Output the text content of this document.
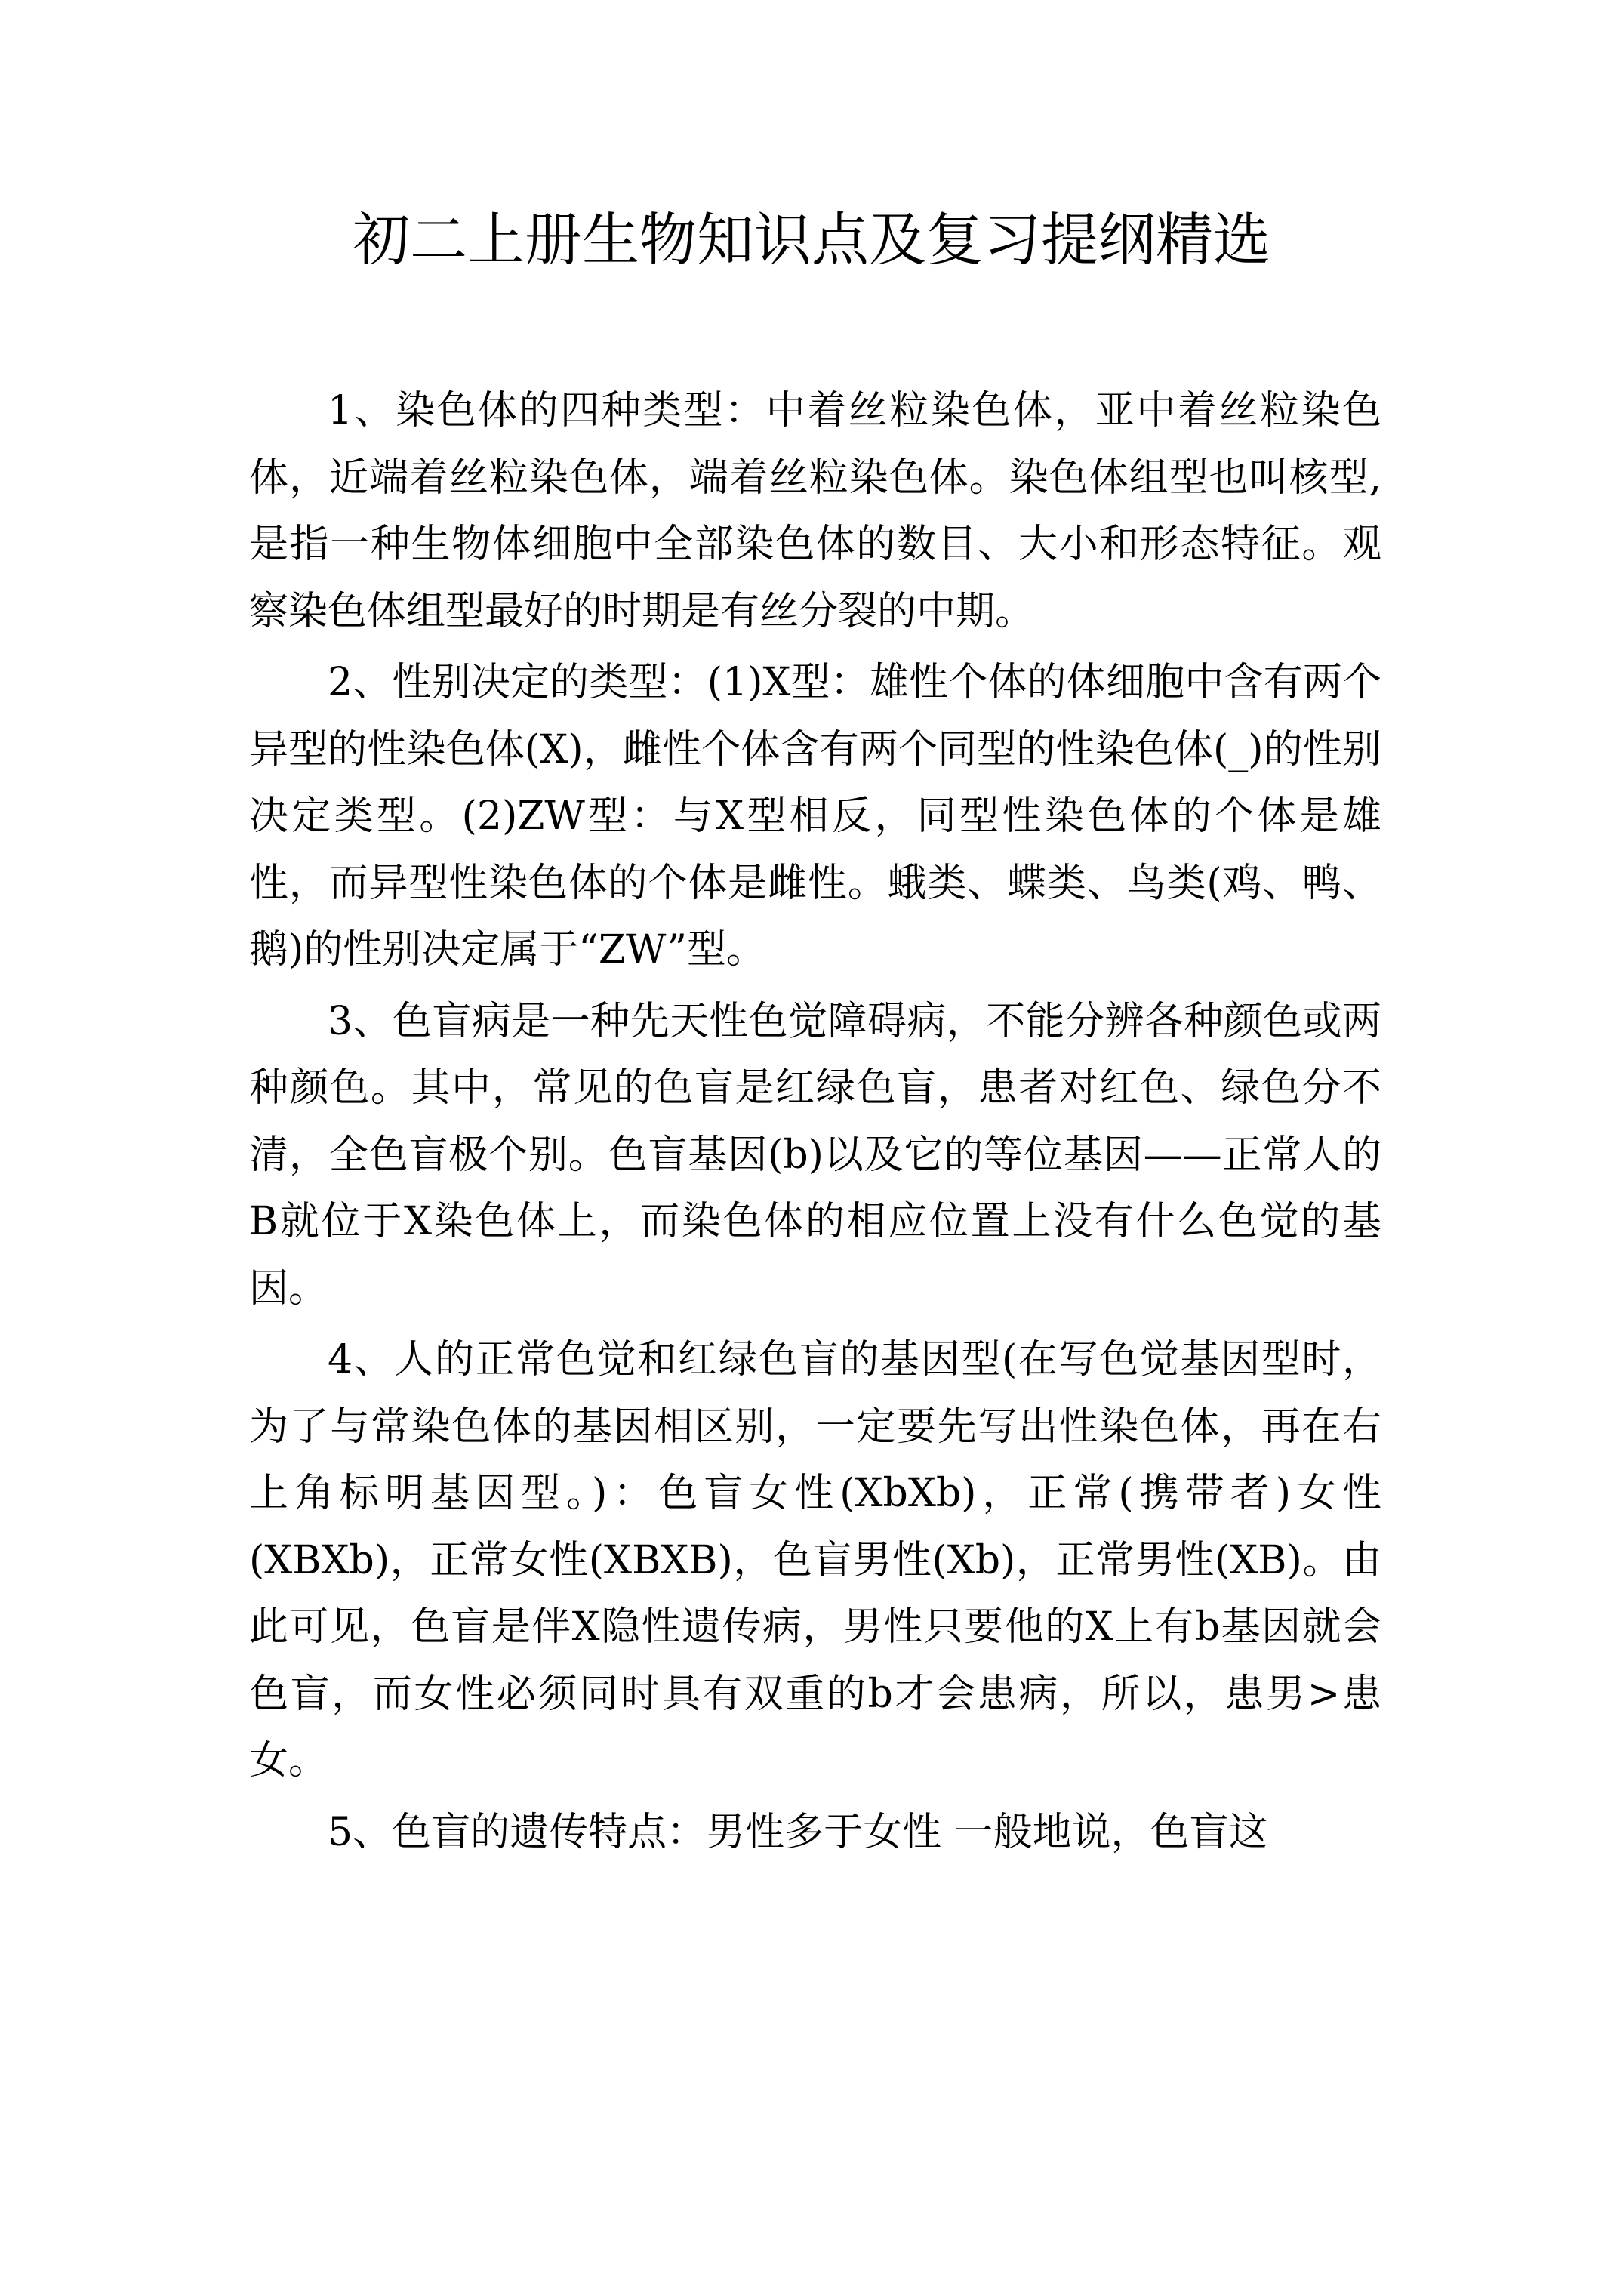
初二上册生物知识点及复习提纲精选

1、染色体的四种类型：中着丝粒染色体，亚中着丝粒染色体，近端着丝粒染色体，端着丝粒染色体。染色体组型也叫核型,是指一种生物体细胞中全部染色体的数目、大小和形态特征。观察染色体组型最好的时期是有丝分裂的中期。

2、性别决定的类型：(1)X型：雄性个体的体细胞中含有两个异型的性染色体(X)，雌性个体含有两个同型的性染色体(_)的性别决定类型。(2)ZW型：与X型相反，同型性染色体的个体是雄性，而异型性染色体的个体是雌性。蛾类、蝶类、鸟类(鸡、鸭、鹅)的性别决定属于“ZW”型。

3、色盲病是一种先天性色觉障碍病，不能分辨各种颜色或两种颜色。其中，常见的色盲是红绿色盲，患者对红色、绿色分不清，全色盲极个别。色盲基因(b)以及它的等位基因——正常人的B就位于X染色体上，而染色体的相应位置上没有什么色觉的基因。

4、人的正常色觉和红绿色盲的基因型(在写色觉基因型时，为了与常染色体的基因相区别，一定要先写出性染色体，再在右上角标明基因型。)：色盲女性(XbXb)，正常(携带者)女性(XBXb)，正常女性(XBXB)，色盲男性(Xb)，正常男性(XB)。由此可见，色盲是伴X隐性遗传病，男性只要他的X上有b基因就会色盲，而女性必须同时具有双重的b才会患病，所以，患男>患女。

5、色盲的遗传特点：男性多于女性 一般地说，色盲这
